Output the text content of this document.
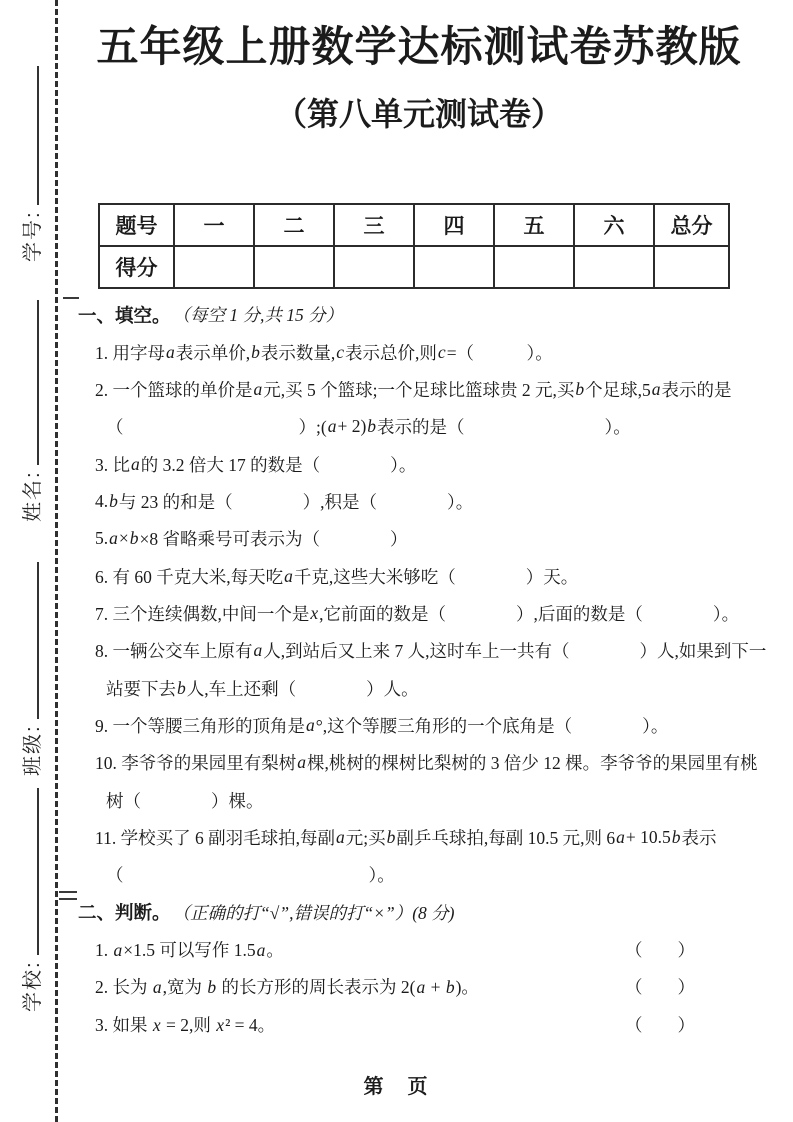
学号:
姓名:
班级:
学校:
五年级上册数学达标测试卷苏教版
（第八单元测试卷）
题号	一	二	三	四	五	六	总分
得分							
一、填空。 （每空 1 分,共 15 分）
1. 用字母 a 表示单价, b 表示数量, c 表示总价,则 c =（　　　）。
2. 一个篮球的单价是 a 元,买 5 个篮球;一个足球比篮球贵 2 元,买 b 个足球,5 a 表示的是
（　　　　　　　　　　）;( a + 2) b 表示的是（　　　　　　　　）。
3. 比 a 的 3.2 倍大 17 的数是（　　　　）。
4. b 与 23 的和是（　　　　）,积是（　　　　）。
5. a × b ×8 省略乘号可表示为（　　　　）
6. 有 60 千克大米,每天吃 a 千克,这些大米够吃（　　　　）天。
7. 三个连续偶数,中间一个是 x ,它前面的数是（　　　　）,后面的数是（　　　　）。
8. 一辆公交车上原有 a 人,到站后又上来 7 人,这时车上一共有（　　　　）人,如果到下一
站要下去 b 人,车上还剩（　　　　）人。
9. 一个等腰三角形的顶角是 a °,这个等腰三角形的一个底角是（　　　　）。
10. 李爷爷的果园里有梨树 a 棵,桃树的棵树比梨树的 3 倍少 12 棵。李爷爷的果园里有桃
树（　　　　）棵。
11. 学校买了 6 副羽毛球拍,每副 a 元;买 b 副乒乓球拍,每副 10.5 元,则 6 a + 10.5 b 表示
（　　　　　　　　　　　　　　）。
二、判断。 （正确的打“√”,错误的打“×”）(8 分)
1. a×1.5 可以写作 1.5a。	（　　）
2. 长为 a,宽为 b 的长方形的周长表示为 2(a + b)。	（　　）
3. 如果 x = 2,则 x² = 4。	（　　）
第　页
